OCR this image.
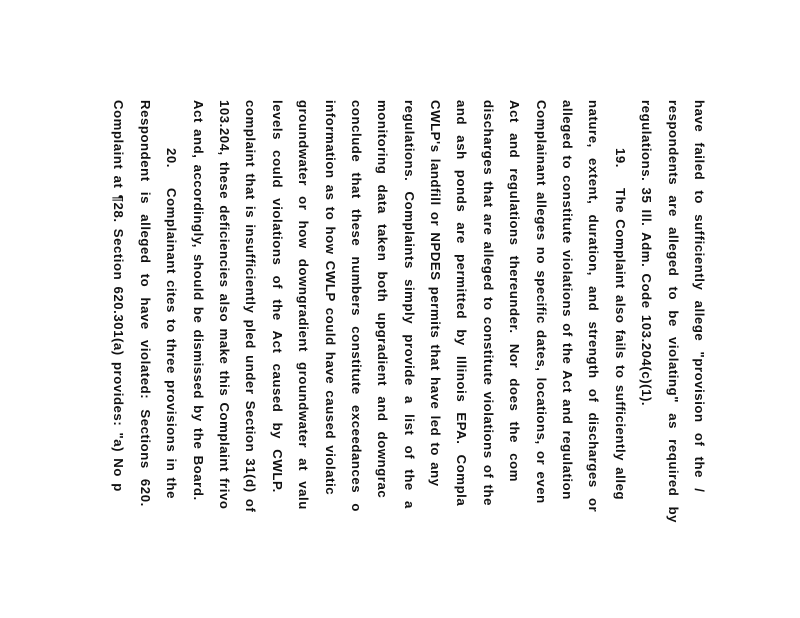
have failed to sufficiently allege "provision of the /
respondents are alleged to be violating" as required by
regulations. 35 Ill. Adm. Code 103.204(c)(1).
19.The Complaint also fails to sufficiently alleg
nature, extent, duration, and strength of discharges or
alleged to constitute violations of the Act and regulation
Complainant alleges no specific dates, locations, or even
Act and regulations thereunder. Nor does the com
discharges that are alleged to constitute violations of the
and ash ponds are permitted by Illinois EPA. Compla
CWLP's landfill or NPDES permits that have led to any
regulations. Complaints simply provide a list of the a
monitoring data taken both upgradient and downgrac
conclude that these numbers constitute exceedances o
information as to how CWLP could have caused violatic
groundwater or how downgradient groundwater at valu
levels could violations of the Act caused by CWLP.
complaint that is insufficiently pled under Section 31(d) of
103.204, these deficiencies also make this Complaint frivo
Act and, accordingly, should be dismissed by the Board.
20.Complainant cites to three provisions in the
Respondent is alleged to have violated: Sections 620.
Complaint at ¶28. Section 620.301(a) provides: "a) No p
